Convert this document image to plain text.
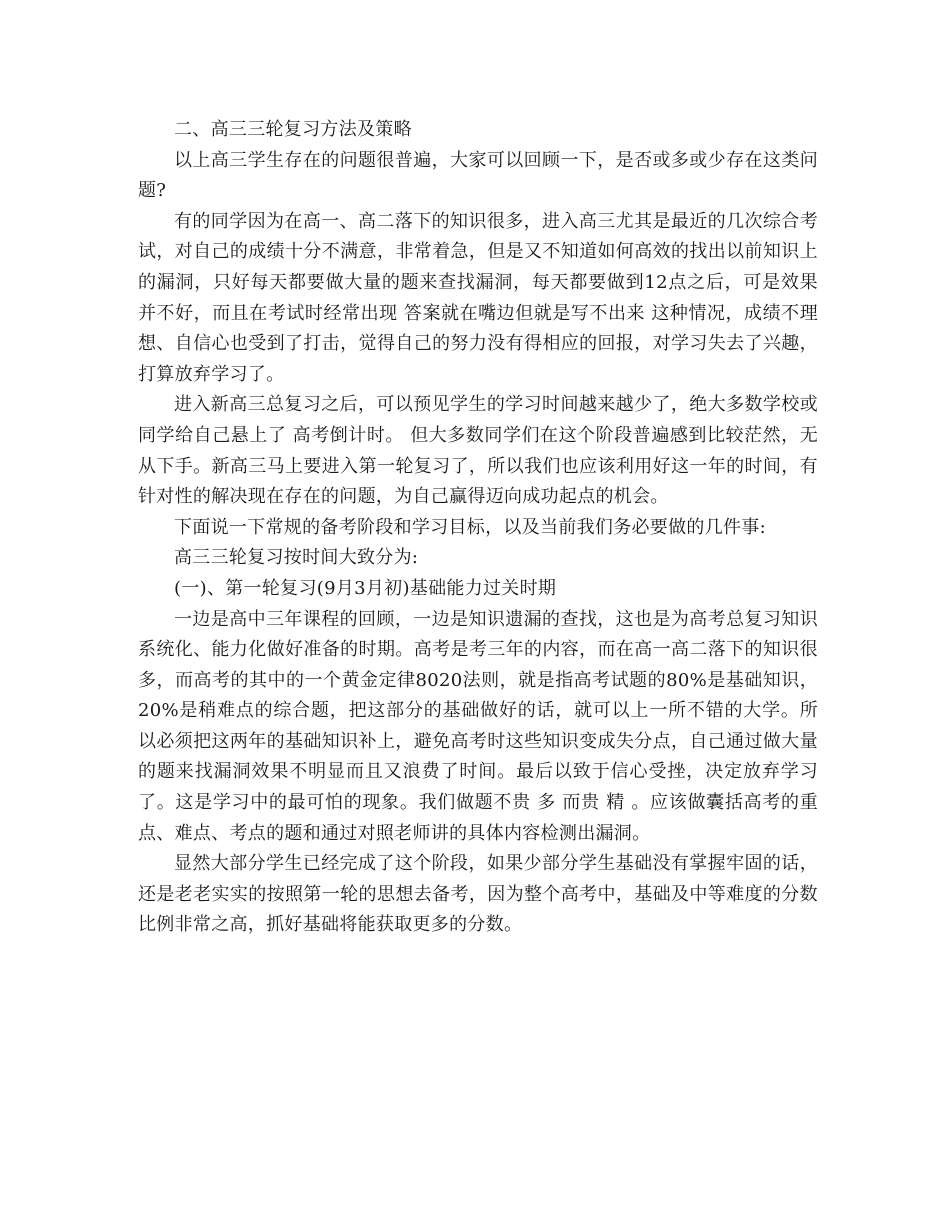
二、高三三轮复习方法及策略

以上高三学生存在的问题很普遍，大家可以回顾一下，是否或多或少存在这类问题?

有的同学因为在高一、高二落下的知识很多，进入高三尤其是最近的几次综合考试，对自己的成绩十分不满意，非常着急，但是又不知道如何高效的找出以前知识上的漏洞，只好每天都要做大量的题来查找漏洞，每天都要做到12点之后，可是效果并不好，而且在考试时经常出现 答案就在嘴边但就是写不出来 这种情况，成绩不理想、自信心也受到了打击，觉得自己的努力没有得相应的回报，对学习失去了兴趣，打算放弃学习了。

进入新高三总复习之后，可以预见学生的学习时间越来越少了，绝大多数学校或同学给自己悬上了 高考倒计时。 但大多数同学们在这个阶段普遍感到比较茫然，无从下手。新高三马上要进入第一轮复习了，所以我们也应该利用好这一年的时间，有针对性的解决现在存在的问题，为自己赢得迈向成功起点的机会。

下面说一下常规的备考阶段和学习目标，以及当前我们务必要做的几件事:

高三三轮复习按时间大致分为:

(一)、第一轮复习(9月3月初)基础能力过关时期

一边是高中三年课程的回顾，一边是知识遗漏的查找，这也是为高考总复习知识系统化、能力化做好准备的时期。高考是考三年的内容，而在高一高二落下的知识很多，而高考的其中的一个黄金定律8020法则，就是指高考试题的80%是基础知识，20%是稍难点的综合题，把这部分的基础做好的话，就可以上一所不错的大学。所以必须把这两年的基础知识补上，避免高考时这些知识变成失分点，自己通过做大量的题来找漏洞效果不明显而且又浪费了时间。最后以致于信心受挫，决定放弃学习了。这是学习中的最可怕的现象。我们做题不贵 多 而贵 精 。应该做囊括高考的重点、难点、考点的题和通过对照老师讲的具体内容检测出漏洞。

显然大部分学生已经完成了这个阶段，如果少部分学生基础没有掌握牢固的话，还是老老实实的按照第一轮的思想去备考，因为整个高考中，基础及中等难度的分数比例非常之高，抓好基础将能获取更多的分数。
